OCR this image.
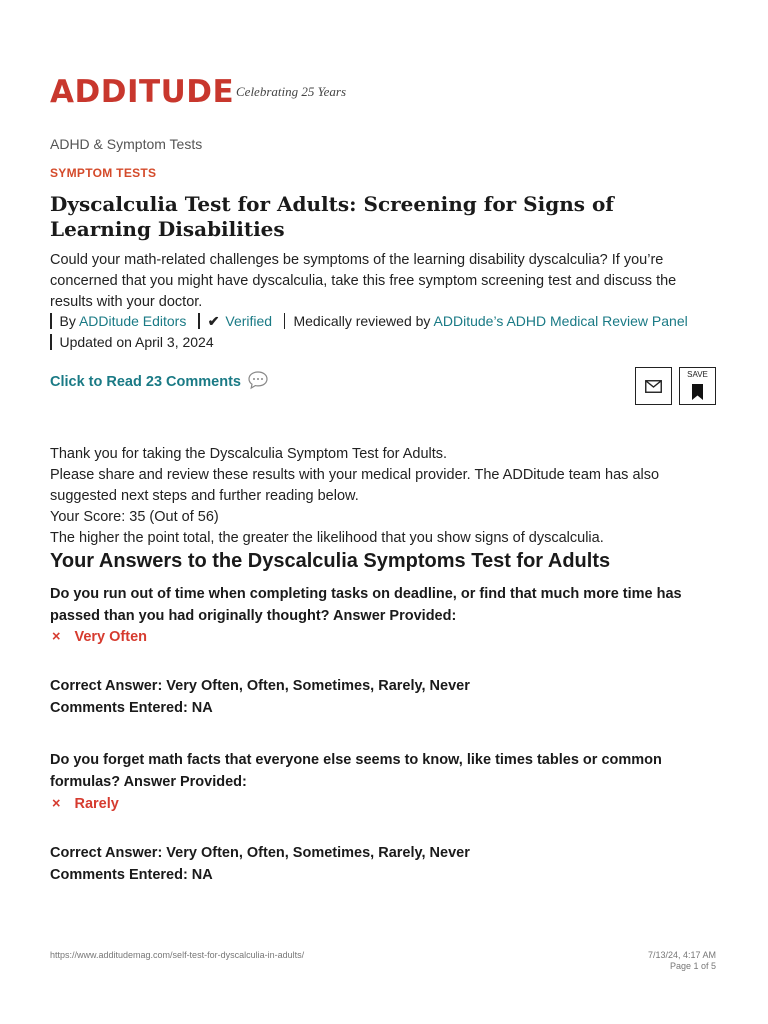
ADDITUDE Celebrating 25 Years
ADHD & Symptom Tests
SYMPTOM TESTS
Dyscalculia Test for Adults: Screening for Signs of Learning Disabilities
Could your math-related challenges be symptoms of the learning disability dyscalculia? If you’re concerned that you might have dyscalculia, take this free symptom screening test and discuss the results with your doctor.
By ADDitude Editors ✔ Verified Medically reviewed by ADDitude’s ADHD Medical Review Panel
Updated on April 3, 2024
Click to Read 23 Comments	SAVE
Thank you for taking the Dyscalculia Symptom Test for Adults.
Please share and review these results with your medical provider. The ADDitude team has also
suggested next steps and further reading below.
Your Score: 35 (Out of 56)
The higher the point total, the greater the likelihood that you show signs of dyscalculia.
Your Answers to the Dyscalculia Symptoms Test for Adults
Do you run out of time when completing tasks on deadline, or find that much more time has passed than you had originally thought? Answer Provided:
× Very Often
Correct Answer: Very Often, Often, Sometimes, Rarely, Never
Comments Entered: NA
Do you forget math facts that everyone else seems to know, like times tables or common formulas? Answer Provided:
× Rarely
Correct Answer: Very Often, Often, Sometimes, Rarely, Never
Comments Entered: NA
https://www.additudemag.com/self-test-for-dyscalculia-in-adults/	7/13/24, 4:17 AM
Page 1 of 5
